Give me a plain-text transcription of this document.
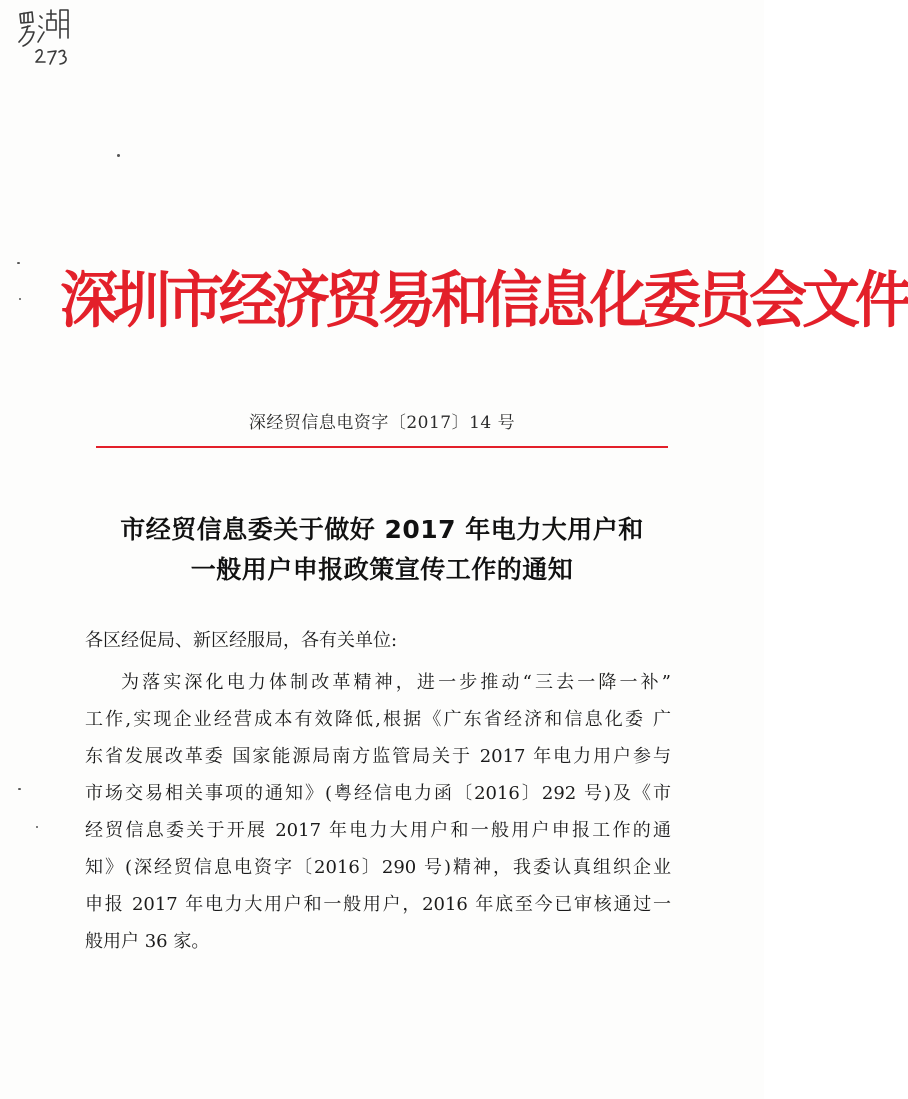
深圳市经济贸易和信息化委员会文件
深经贸信息电资字〔2017〕14 号
市经贸信息委关于做好 2017 年电力大用户和
一般用户申报政策宣传工作的通知
各区经促局、新区经服局，各有关单位:
为落实深化电力体制改革精神，进一步推动“三去一降一补”
工作,实现企业经营成本有效降低,根据《广东省经济和信息化委 广
东省发展改革委 国家能源局南方监管局关于 2017 年电力用户参与
市场交易相关事项的通知》(粤经信电力函〔2016〕292 号)及《市
经贸信息委关于开展 2017 年电力大用户和一般用户申报工作的通
知》(深经贸信息电资字〔2016〕290 号)精神，我委认真组织企业
申报 2017 年电力大用户和一般用户，2016 年底至今已审核通过一
般用户 36 家。
